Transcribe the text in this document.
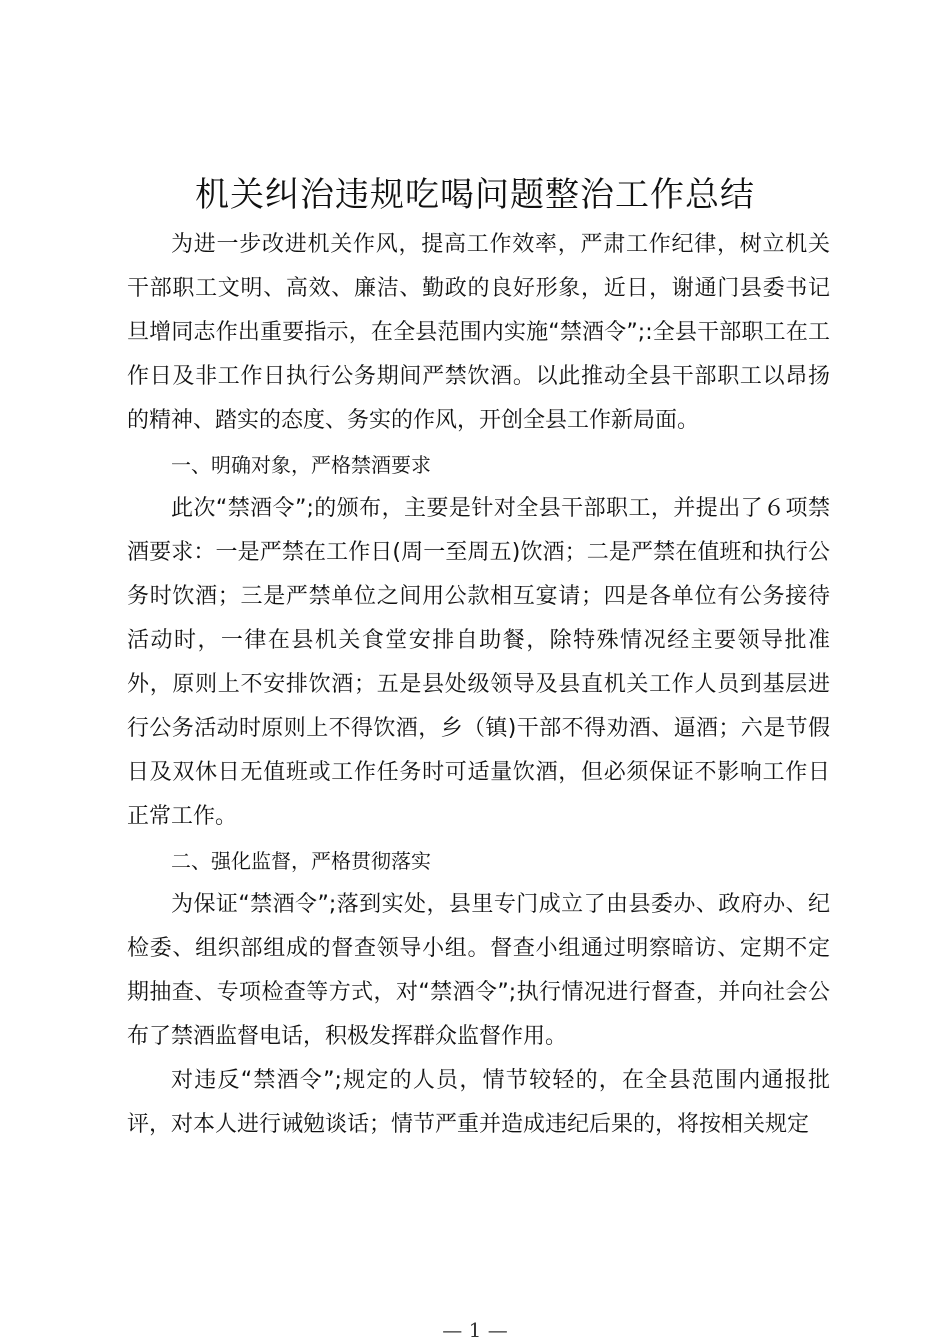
机关纠治违规吃喝问题整治工作总结

为进一步改进机关作风，提高工作效率，严肃工作纪律，树立机关干部职工文明、高效、廉洁、勤政的良好形象，近日，谢通门县委书记旦增同志作出重要指示，在全县范围内实施“禁酒令”;:全县干部职工在工作日及非工作日执行公务期间严禁饮酒。以此推动全县干部职工以昂扬的精神、踏实的态度、务实的作风，开创全县工作新局面。

一、明确对象，严格禁酒要求

此次“禁酒令”;的颁布，主要是针对全县干部职工，并提出了６项禁酒要求：一是严禁在工作日(周一至周五)饮酒；二是严禁在值班和执行公务时饮酒；三是严禁单位之间用公款相互宴请；四是各单位有公务接待活动时，一律在县机关食堂安排自助餐，除特殊情况经主要领导批准外，原则上不安排饮酒；五是县处级领导及县直机关工作人员到基层进行公务活动时原则上不得饮酒，乡（镇)干部不得劝酒、逼酒；六是节假日及双休日无值班或工作任务时可适量饮酒，但必须保证不影响工作日正常工作。

二、强化监督，严格贯彻落实

为保证“禁酒令”;落到实处，县里专门成立了由县委办、政府办、纪检委、组织部组成的督查领导小组。督查小组通过明察暗访、定期不定期抽查、专项检查等方式，对“禁酒令”;执行情况进行督查，并向社会公布了禁酒监督电话，积极发挥群众监督作用。

对违反“禁酒令”;规定的人员，情节较轻的，在全县范围内通报批评，对本人进行诫勉谈话；情节严重并造成违纪后果的，将按相关规定

— 1 —
